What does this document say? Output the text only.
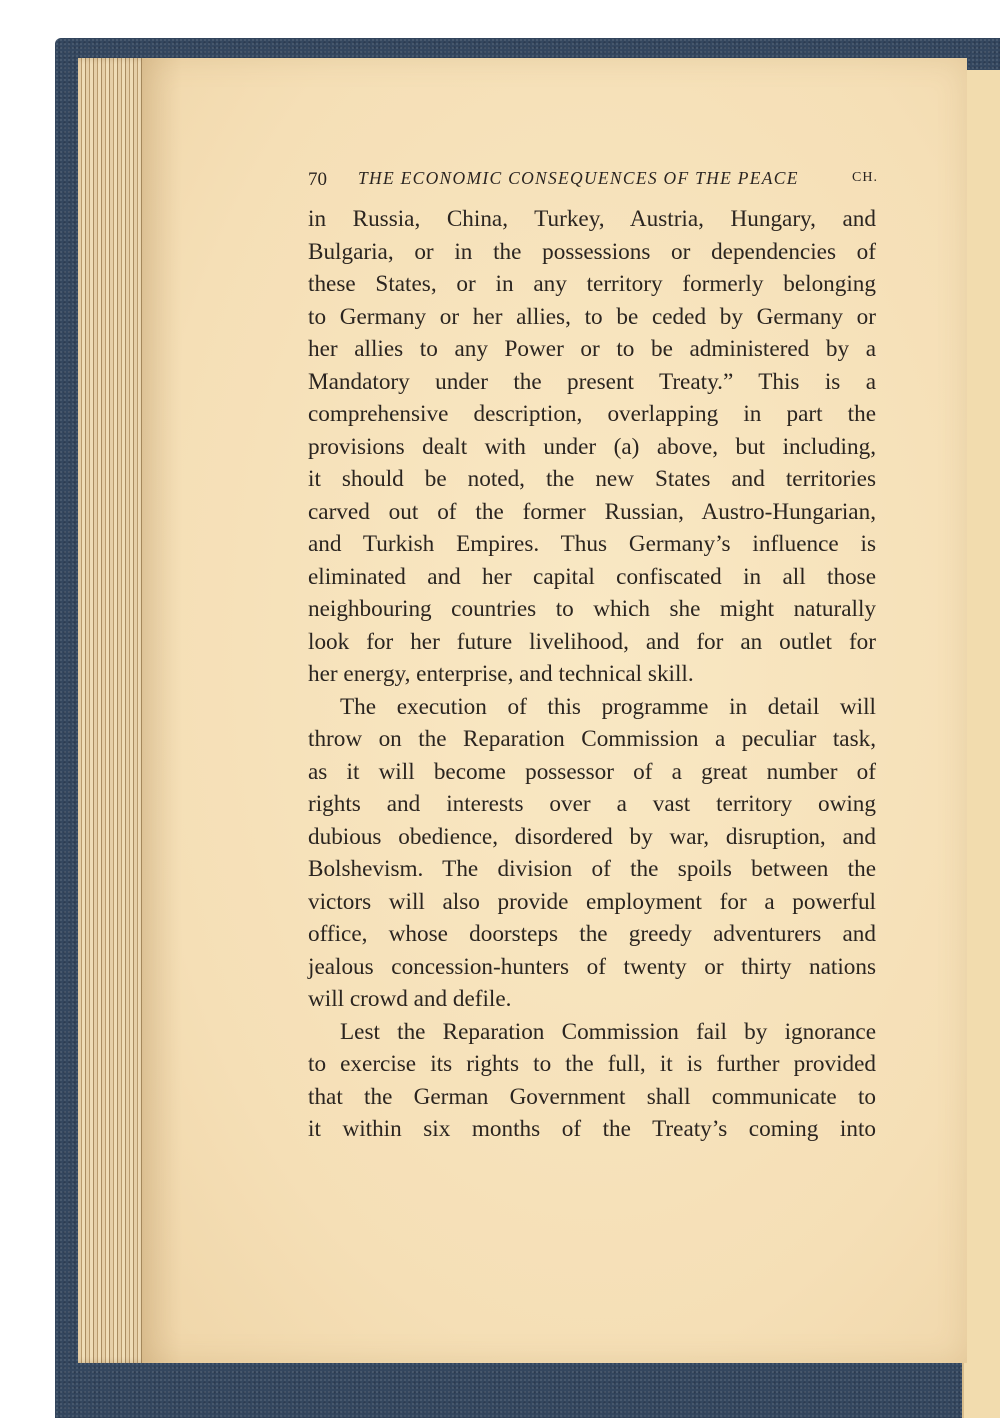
70 THE ECONOMIC CONSEQUENCES OF THE PEACE	CH.
in Russia, China, Turkey, Austria, Hungary, and
Bulgaria, or in the possessions or dependencies of
these States, or in any territory formerly belonging
to Germany or her allies, to be ceded by Germany or
her allies to any Power or to be administered by a
Mandatory under the present Treaty.” This is a
comprehensive description, overlapping in part the
provisions dealt with under (a) above, but including,
it should be noted, the new States and territories
carved out of the former Russian, Austro-Hungarian,
and Turkish Empires. Thus Germany’s influence is
eliminated and her capital confiscated in all those
neighbouring countries to which she might naturally
look for her future livelihood, and for an outlet for
her energy, enterprise, and technical skill.
The execution of this programme in detail will
throw on the Reparation Commission a peculiar task,
as it will become possessor of a great number of
rights and interests over a vast territory owing
dubious obedience, disordered by war, disruption, and
Bolshevism. The division of the spoils between the
victors will also provide employment for a powerful
office, whose doorsteps the greedy adventurers and
jealous concession-hunters of twenty or thirty nations
will crowd and defile.
Lest the Reparation Commission fail by ignorance
to exercise its rights to the full, it is further provided
that the German Government shall communicate to
it within six months of the Treaty’s coming into
